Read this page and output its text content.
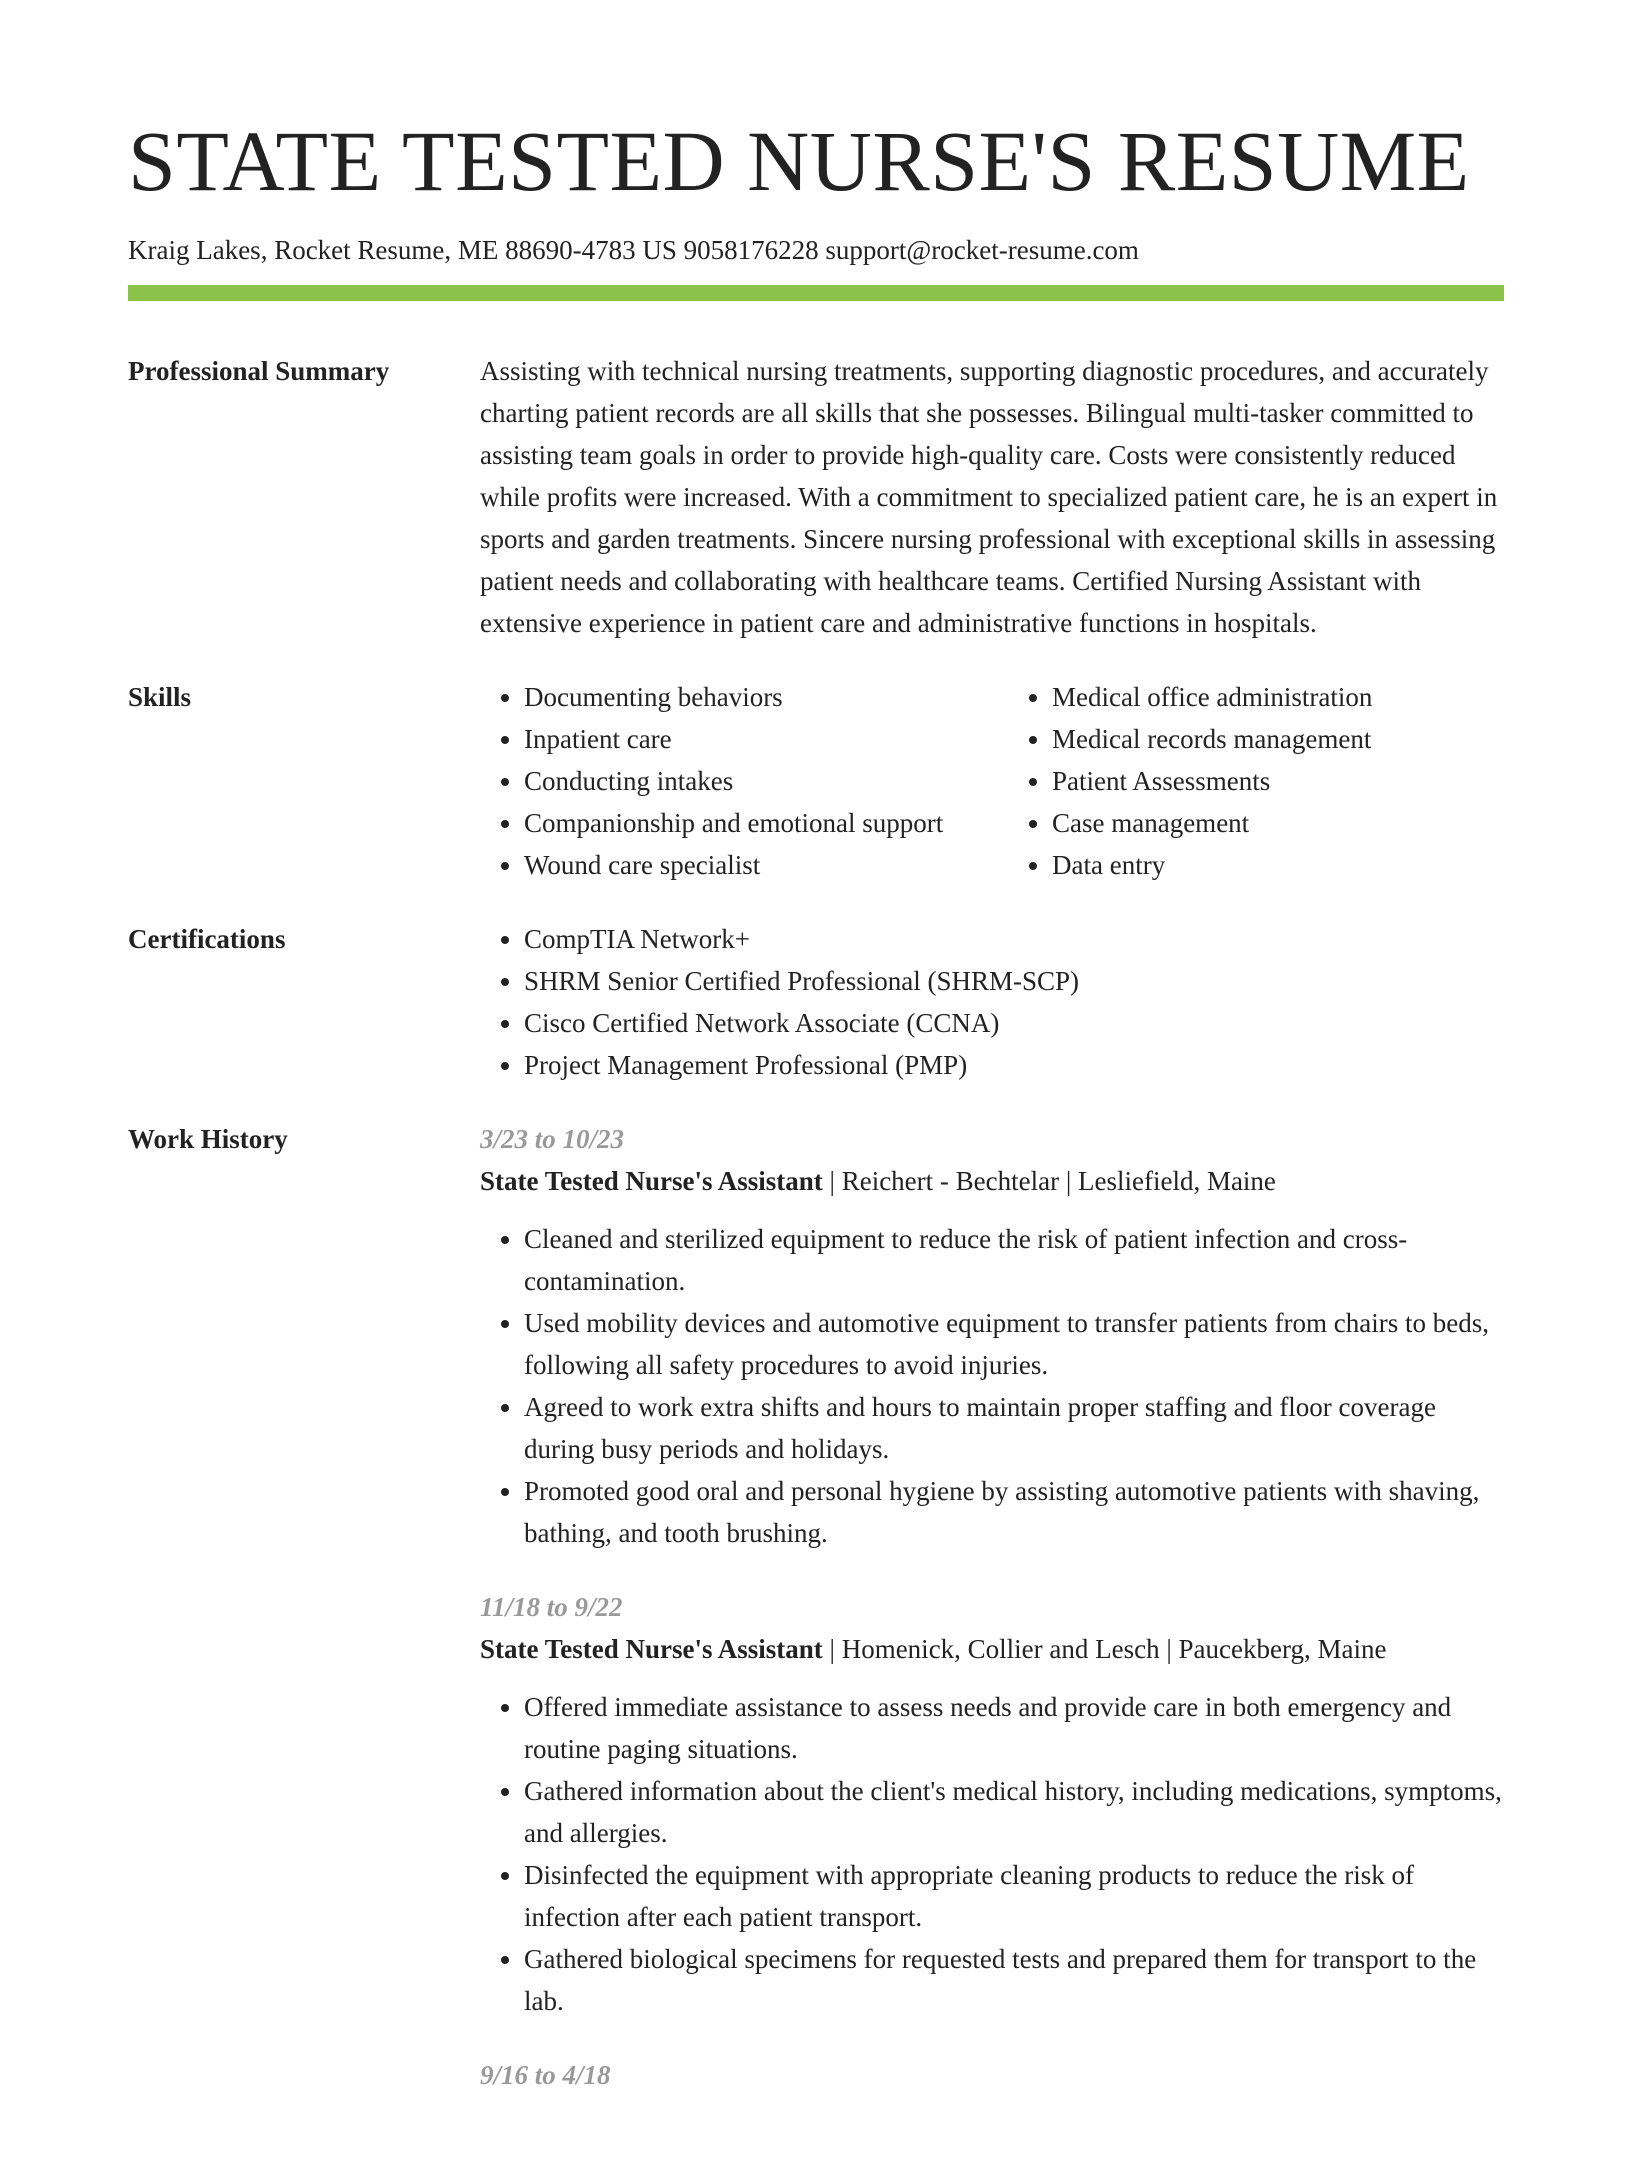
STATE TESTED NURSE'S RESUME
Kraig Lakes, Rocket Resume, ME 88690-4783 US 9058176228 support@rocket-resume.com
Professional Summary	Assisting with technical nursing treatments, supporting diagnostic procedures, and accurately charting patient records are all skills that she possesses. Bilingual multi-tasker committed to assisting team goals in order to provide high-quality care. Costs were consistently reduced while profits were increased. With a commitment to specialized patient care, he is an expert in sports and garden treatments. Sincere nursing professional with exceptional skills in assessing patient needs and collaborating with healthcare teams. Certified Nursing Assistant with extensive experience in patient care and administrative functions in hospitals.

Skills	• Documenting behaviors
• Inpatient care
• Conducting intakes
• Companionship and emotional support
• Wound care specialist
• Medical office administration
• Medical records management
• Patient Assessments
• Case management
• Data entry
Certifications	• CompTIA Network+
• SHRM Senior Certified Professional (SHRM-SCP)
• Cisco Certified Network Associate (CCNA)
• Project Management Professional (PMP)
Work History	3/23 to 10/23
State Tested Nurse's Assistant | Reichert - Bechtelar | Lesliefield, Maine
• Cleaned and sterilized equipment to reduce the risk of patient infection and cross-contamination.
• Used mobility devices and automotive equipment to transfer patients from chairs to beds, following all safety procedures to avoid injuries.
• Agreed to work extra shifts and hours to maintain proper staffing and floor coverage during busy periods and holidays.
• Promoted good oral and personal hygiene by assisting automotive patients with shaving, bathing, and tooth brushing.
11/18 to 9/22
State Tested Nurse's Assistant | Homenick, Collier and Lesch | Paucekberg, Maine
• Offered immediate assistance to assess needs and provide care in both emergency and routine paging situations.
• Gathered information about the client's medical history, including medications, symptoms, and allergies.
• Disinfected the equipment with appropriate cleaning products to reduce the risk of infection after each patient transport.
• Gathered biological specimens for requested tests and prepared them for transport to the lab.
9/16 to 4/18
